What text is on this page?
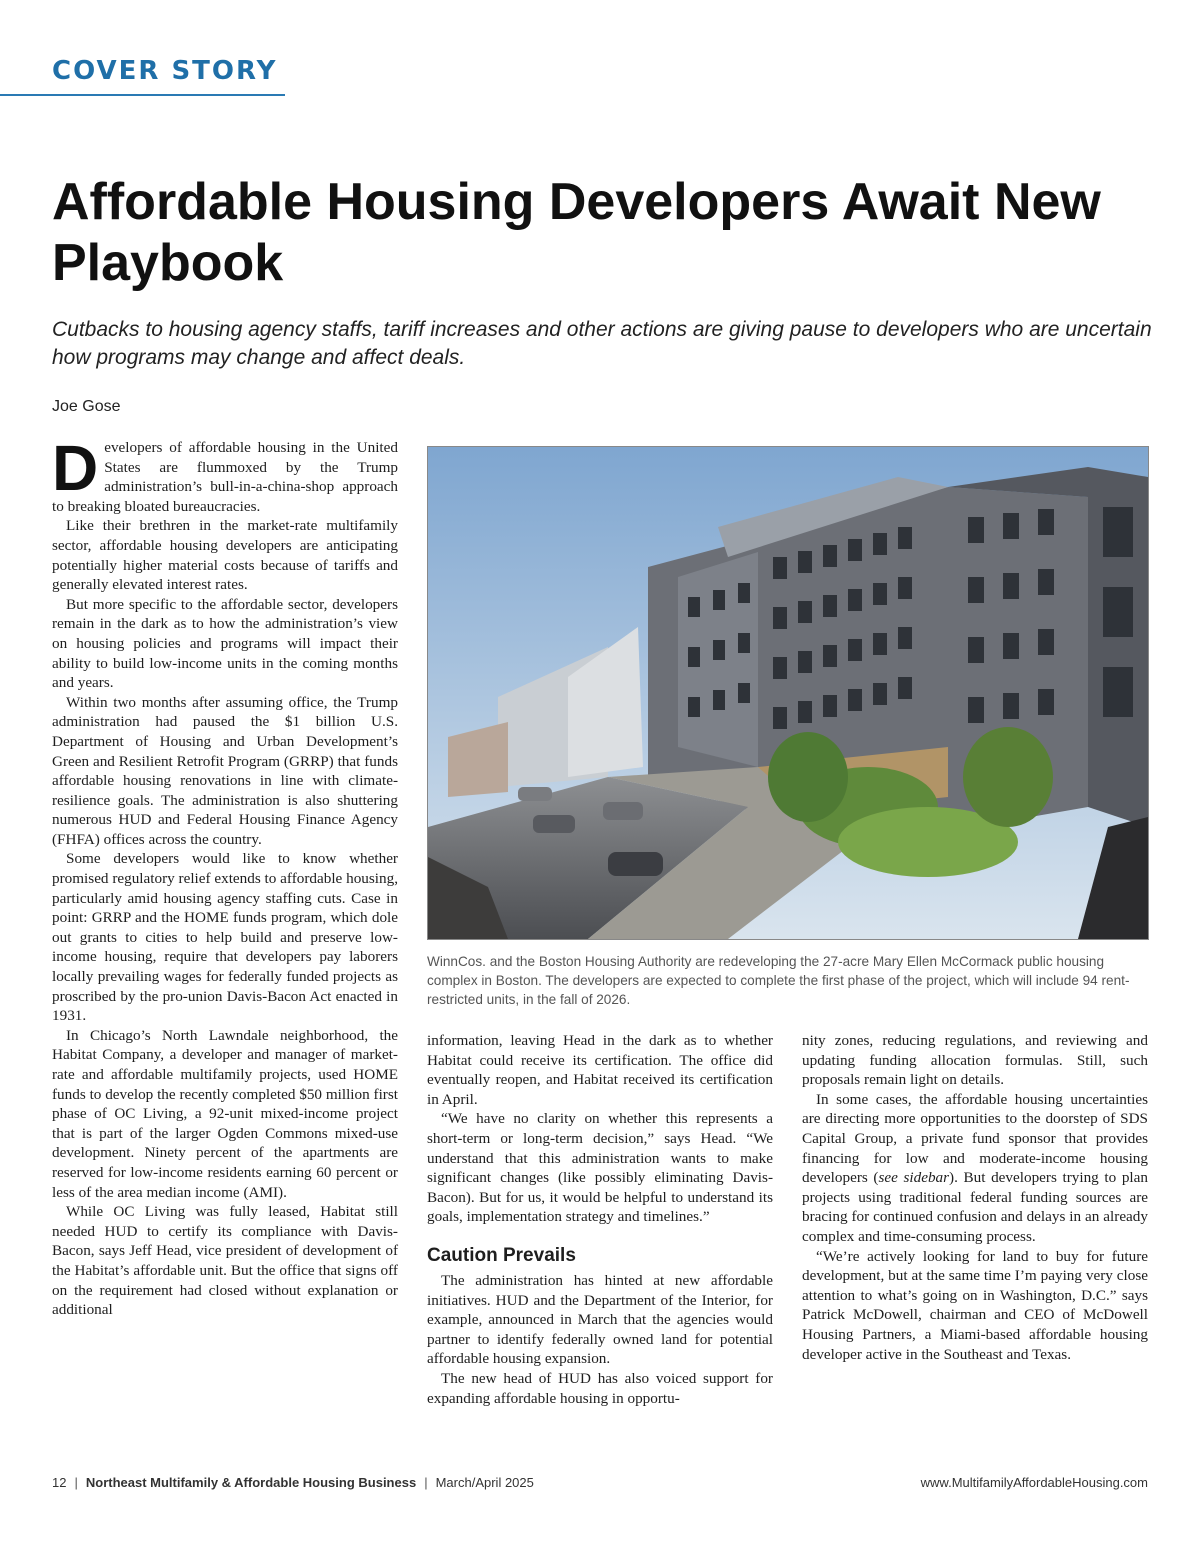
COVER STORY
Affordable Housing Developers Await New Playbook

Cutbacks to housing agency staffs, tariff increases and other actions are giving pause to developers who are uncertain how programs may change and affect deals.

Joe Gose

Developers of affordable housing in the United States are flummoxed by the Trump administration’s bull-in-a-china-shop approach to breaking bloated bureaucracies.

Like their brethren in the market-rate multifamily sector, affordable housing developers are anticipating potentially higher material costs because of tariffs and generally elevated interest rates.

But more specific to the affordable sector, developers remain in the dark as to how the administration’s view on housing policies and programs will impact their ability to build low-income units in the coming months and years.

Within two months after assuming office, the Trump administration had paused the $1 billion U.S. Department of Housing and Urban Development’s Green and Resilient Retrofit Program (GRRP) that funds affordable housing renovations in line with climate-resilience goals. The administration is also shuttering numerous HUD and Federal Housing Finance Agency (FHFA) offices across the country.

Some developers would like to know whether promised regulatory relief extends to affordable housing, particularly amid housing agency staffing cuts. Case in point: GRRP and the HOME funds program, which dole out grants to cities to help build and preserve low-income housing, require that developers pay laborers locally prevailing wages for federally funded projects as proscribed by the pro-union Davis-Bacon Act enacted in 1931.

In Chicago’s North Lawndale neighborhood, the Habitat Company, a developer and manager of market-rate and affordable multifamily projects, used HOME funds to develop the recently completed $50 million first phase of OC Living, a 92-unit mixed-income project that is part of the larger Ogden Commons mixed-use development. Ninety percent of the apartments are reserved for low-income residents earning 60 percent or less of the area median income (AMI).

While OC Living was fully leased, Habitat still needed HUD to certify its compliance with Davis-Bacon, says Jeff Head, vice president of development of the Habitat’s affordable unit. But the office that signs off on the requirement had closed without explanation or additional

WinnCos. and the Boston Housing Authority are redeveloping the 27-acre Mary Ellen McCormack public housing complex in Boston. The developers are expected to complete the first phase of the project, which will include 94 rent-restricted units, in the fall of 2026.

information, leaving Head in the dark as to whether Habitat could receive its certification. The office did eventually reopen, and Habitat received its certification in April.

“We have no clarity on whether this represents a short-term or long-term decision,” says Head. “We understand that this administration wants to make significant changes (like possibly eliminating Davis-Bacon). But for us, it would be helpful to understand its goals, implementation strategy and timelines.”

Caution Prevails

The administration has hinted at new affordable initiatives. HUD and the Department of the Interior, for example, announced in March that the agencies would partner to identify federally owned land for potential affordable housing expansion.

The new head of HUD has also voiced support for expanding affordable housing in opportu-

nity zones, reducing regulations, and reviewing and updating funding allocation formulas. Still, such proposals remain light on details.

In some cases, the affordable housing uncertainties are directing more opportunities to the doorstep of SDS Capital Group, a private fund sponsor that provides financing for low and moderate-income housing developers (see sidebar). But developers trying to plan projects using traditional federal funding sources are bracing for continued confusion and delays in an already complex and time-consuming process.

“We’re actively looking for land to buy for future development, but at the same time I’m paying very close attention to what’s going on in Washington, D.C.” says Patrick McDowell, chairman and CEO of McDowell Housing Partners, a Miami-based affordable housing developer active in the Southeast and Texas.

12 | Northeast Multifamily & Affordable Housing Business | March/April 2025	www.MultifamilyAffordableHousing.com
